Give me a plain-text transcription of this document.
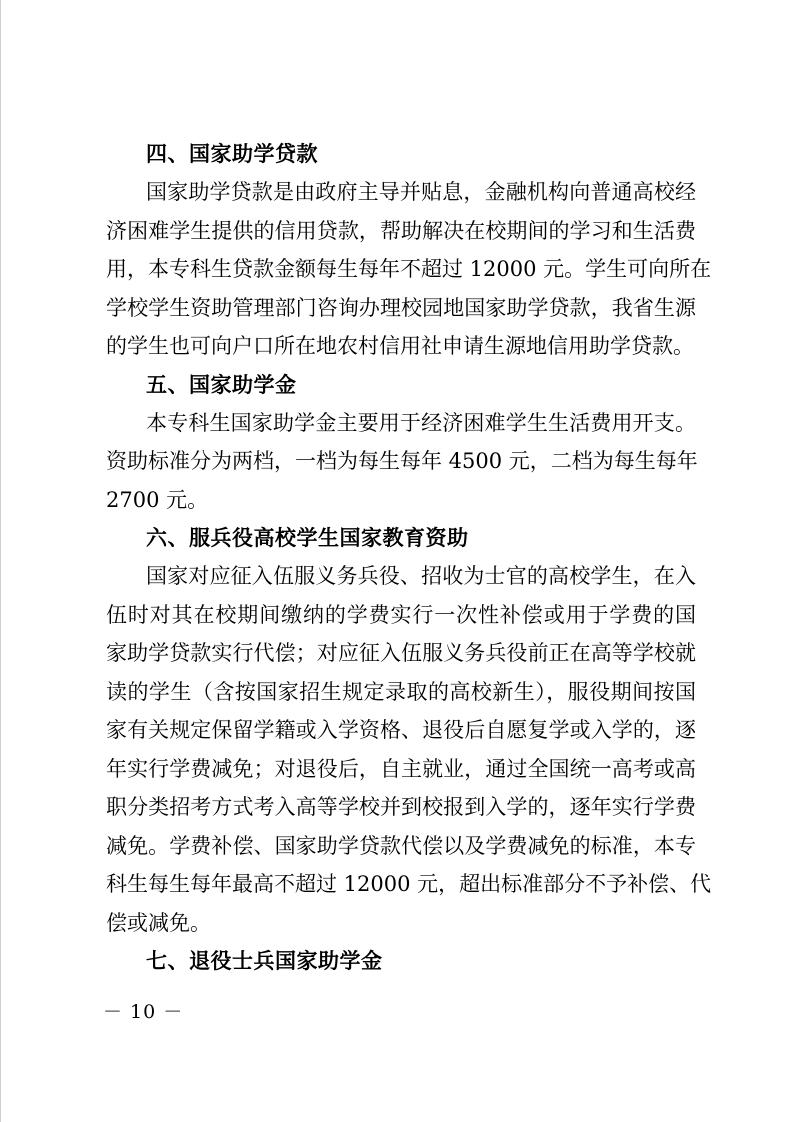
四、国家助学贷款

国家助学贷款是由政府主导并贴息，金融机构向普通高校经

济困难学生提供的信用贷款，帮助解决在校期间的学习和生活费

用，本专科生贷款金额每生每年不超过 12000 元。学生可向所在

学校学生资助管理部门咨询办理校园地国家助学贷款，我省生源

的学生也可向户口所在地农村信用社申请生源地信用助学贷款。

五、国家助学金

本专科生国家助学金主要用于经济困难学生生活费用开支。

资助标准分为两档，一档为每生每年 4500 元，二档为每生每年

2700 元。

六、服兵役高校学生国家教育资助

国家对应征入伍服义务兵役、招收为士官的高校学生，在入

伍时对其在校期间缴纳的学费实行一次性补偿或用于学费的国

家助学贷款实行代偿；对应征入伍服义务兵役前正在高等学校就

读的学生（含按国家招生规定录取的高校新生），服役期间按国

家有关规定保留学籍或入学资格、退役后自愿复学或入学的，逐

年实行学费减免；对退役后，自主就业，通过全国统一高考或高

职分类招考方式考入高等学校并到校报到入学的，逐年实行学费

减免。学费补偿、国家助学贷款代偿以及学费减免的标准，本专

科生每生每年最高不超过 12000 元，超出标准部分不予补偿、代

偿或减免。

七、退役士兵国家助学金

－ 10 －
